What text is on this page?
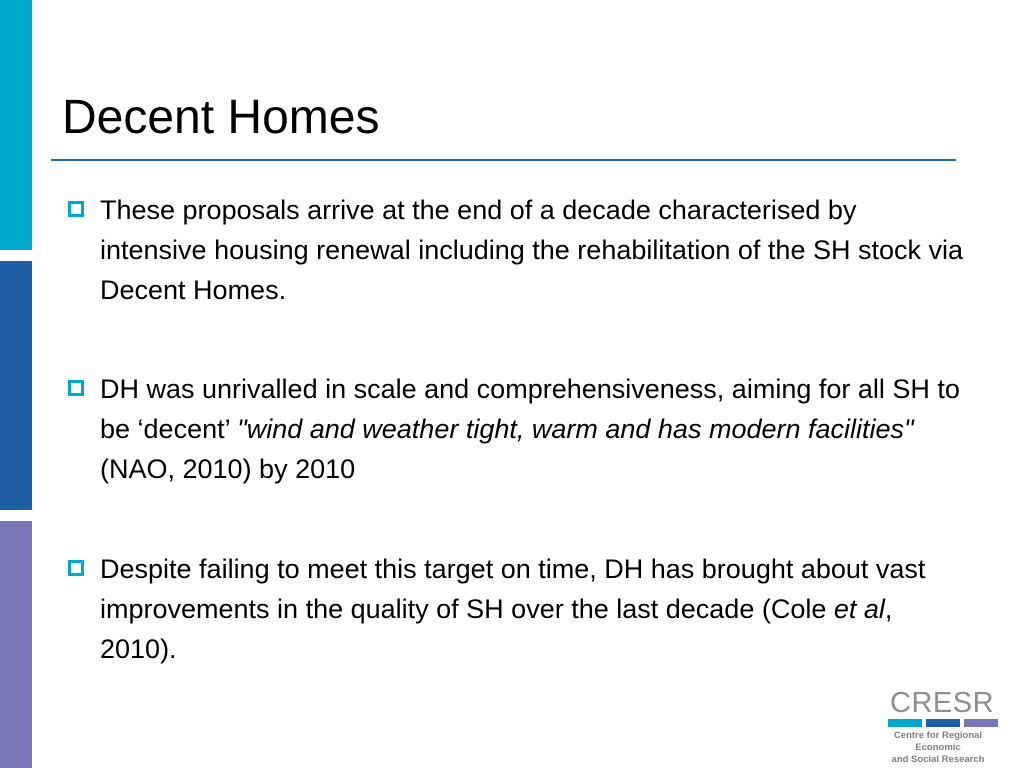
Decent Homes
These proposals arrive at the end of a decade characterised by intensive housing renewal including the rehabilitation of the SH stock via Decent Homes.
DH was unrivalled in scale and comprehensiveness, aiming for all SH to be ‘decent’ "wind and weather tight, warm and has modern facilities" (NAO, 2010) by 2010
Despite failing to meet this target on time, DH has brought about vast improvements in the quality of SH over the last decade (Cole et al, 2010).
CRESR
Centre for Regional Economic
and Social Research
